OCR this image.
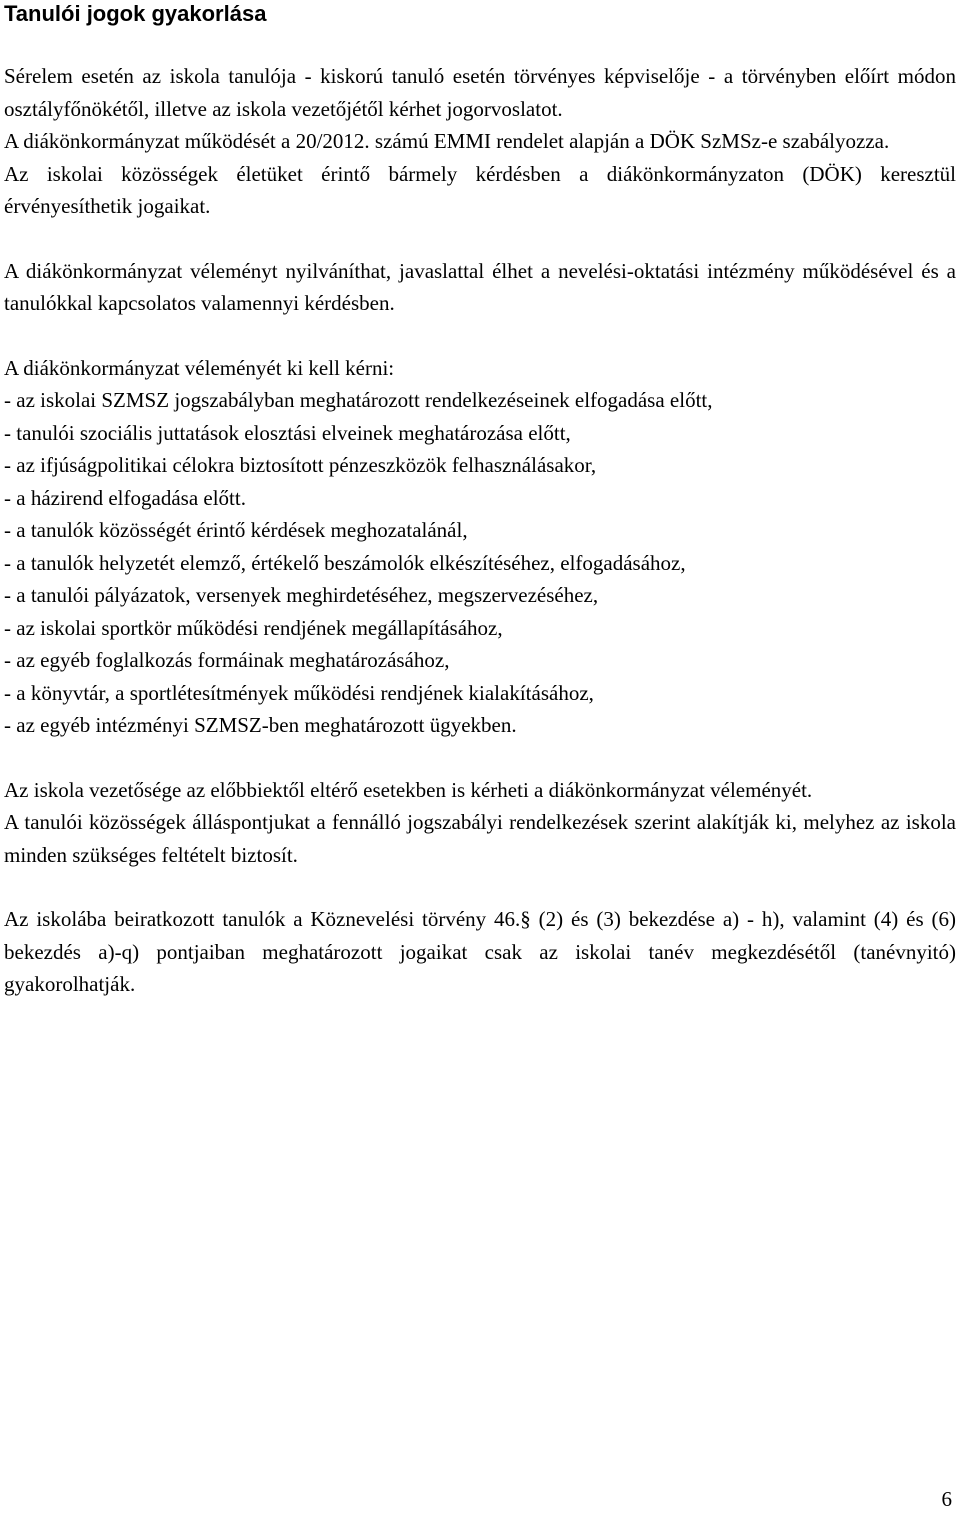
Tanulói jogok gyakorlása

Sérelem esetén az iskola tanulója - kiskorú tanuló esetén törvényes képviselője - a törvényben előírt módon osztályfőnökétől, illetve az iskola vezetőjétől kérhet jogorvoslatot.

A diákönkormányzat működését a 20/2012. számú EMMI rendelet alapján a DÖK SzMSz-e szabályozza.

Az iskolai közösségek életüket érintő bármely kérdésben a diákönkormányzaton (DÖK) keresztül érvényesíthetik jogaikat.

A diákönkormányzat véleményt nyilváníthat, javaslattal élhet a nevelési-oktatási intézmény működésével és a tanulókkal kapcsolatos valamennyi kérdésben.

A diákönkormányzat véleményét ki kell kérni:

- az iskolai SZMSZ jogszabályban meghatározott rendelkezéseinek elfogadása előtt,

- tanulói szociális juttatások elosztási elveinek meghatározása előtt,

- az ifjúságpolitikai célokra biztosított pénzeszközök felhasználásakor,

- a házirend elfogadása előtt.

- a tanulók közösségét érintő kérdések meghozatalánál,

- a tanulók helyzetét elemző, értékelő beszámolók elkészítéséhez, elfogadásához,

- a tanulói pályázatok, versenyek meghirdetéséhez, megszervezéséhez,

- az iskolai sportkör működési rendjének megállapításához,

- az egyéb foglalkozás formáinak meghatározásához,

- a könyvtár, a sportlétesítmények működési rendjének kialakításához,

- az egyéb intézményi SZMSZ-ben meghatározott ügyekben.

Az iskola vezetősége az előbbiektől eltérő esetekben is kérheti a diákönkormányzat véleményét.

A tanulói közösségek álláspontjukat a fennálló jogszabályi rendelkezések szerint alakítják ki, melyhez az iskola minden szükséges feltételt biztosít.

Az iskolába beiratkozott tanulók a Köznevelési törvény 46.§ (2) és (3) bekezdése a) - h), valamint (4) és (6) bekezdés a)-q) pontjaiban meghatározott jogaikat csak az iskolai tanév megkezdésétől (tanévnyitó) gyakorolhatják.

6
